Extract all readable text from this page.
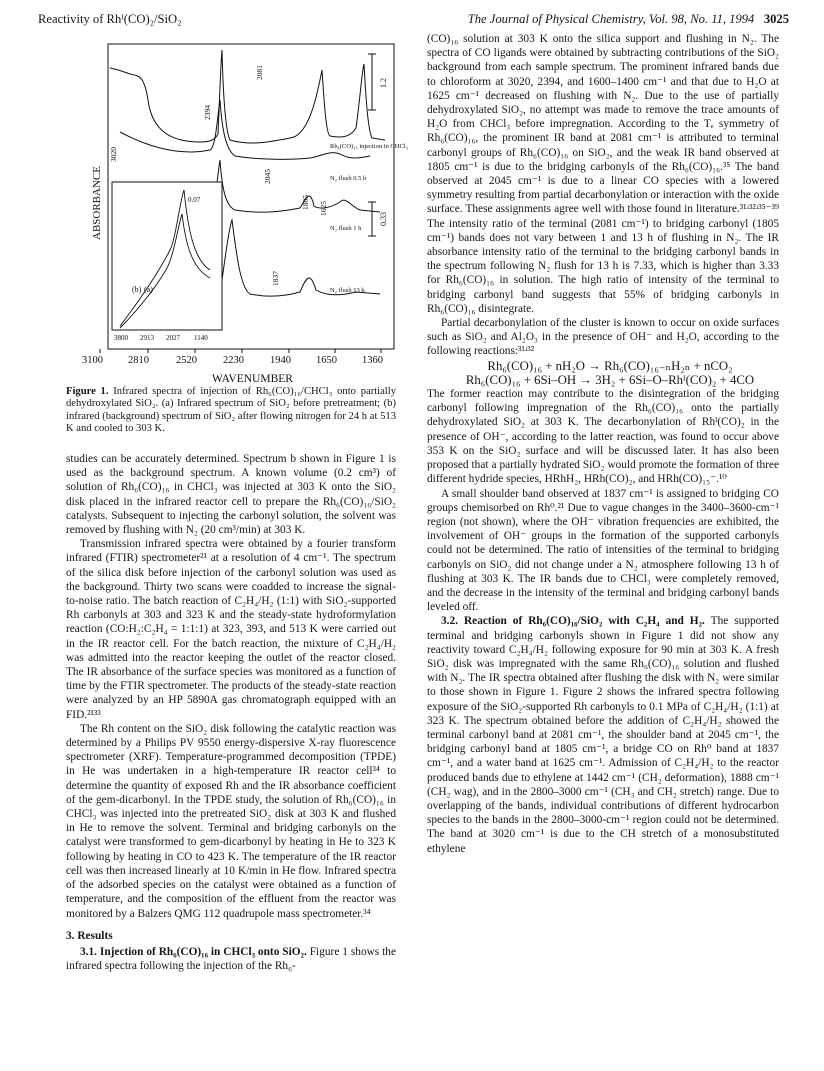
Reactivity of Rhᴵ(CO)₂/SiO₂	The Journal of Physical Chemistry, Vol. 98, No. 11, 1994 3025
ABSORBANCE
3100 2810	2520 2230 1940 1650 1360
WAVENUMBER
(b) (a)
0.07
3800 2913 2027 1140
3020
2394
2081
2045
1805 1625
1837
1.2
0.33
Rh₆(CO)₁₆ injection in CHCl₃
N₂ flush 0.5 h
N₂ flush 1 h
N₂ flush 13 h
Figure 1. Infrared spectra of injection of Rh₆(CO)₁₆/CHCl₃ onto partially dehydroxylated SiO₂. (a) Infrared spectrum of SiO₂ before pretreatment; (b) infrared (background) spectrum of SiO₂ after flowing nitrogen for 24 h at 513 K and cooled to 303 K.

studies can be accurately determined. Spectrum b shown in Figure 1 is used as the background spectrum. A known volume (0.2 cm³) of solution of Rh₆(CO)₁₆ in CHCl₃ was injected at 303 K onto the SiO₂ disk placed in the infrared reactor cell to prepare the Rh₆(CO)₁₆/SiO₂ catalysts. Subsequent to injecting the carbonyl solution, the solvent was removed by flushing with N₂ (20 cm³/min) at 303 K.

Transmission infrared spectra were obtained by a fourier transform infrared (FTIR) spectrometer²¹ at a resolution of 4 cm⁻¹. The spectrum of the silica disk before injection of the carbonyl solution was used as the background. Thirty two scans were coadded to increase the signal-to-noise ratio. The batch reaction of C₂H₄/H₂ (1:1) with SiO₂-supported Rh carbonyls at 303 and 323 K and the steady-state hydroformylation reaction (CO:H₂:C₂H₄ = 1:1:1) at 323, 393, and 513 K were carried out in the IR reactor cell. For the batch reaction, the mixture of C₂H₄/H₂ was admitted into the reactor keeping the outlet of the reactor closed. The IR absorbance of the surface species was monitored as a function of time by the FTIR spectrometer. The products of the steady-state reaction were analyzed by an HP 5890A gas chromatograph equipped with an FID.²¹³³

The Rh content on the SiO₂ disk following the catalytic reaction was determined by a Philips PV 9550 energy-dispersive X-ray fluorescence spectrometer (XRF). Temperature-programmed decomposition (TPDE) in He was undertaken in a high-temperature IR reactor cell³⁴ to determine the quantity of exposed Rh and the IR absorbance coefficient of the gem-dicarbonyl. In the TPDE study, the solution of Rh₆(CO)₁₆ in CHCl₃ was injected into the pretreated SiO₂ disk at 303 K and flushed in He to remove the solvent. Terminal and bridging carbonyls on the catalyst were transformed to gem-dicarbonyl by heating in He to 323 K following by heating in CO to 423 K. The temperature of the IR reactor cell was then increased linearly at 10 K/min in He flow. Infrared spectra of the adsorbed species on the catalyst were obtained as a function of temperature, and the composition of the effluent from the reactor was monitored by a Balzers QMG 112 quadrupole mass spectrometer.³⁴

3. Results

3.1. Injection of Rh₆(CO)₁₆ in CHCl₃ onto SiO₂. Figure 1 shows the infrared spectra following the injection of the Rh₆-

(CO)₁₆ solution at 303 K onto the silica support and flushing in N₂. The spectra of CO ligands were obtained by subtracting contributions of the SiO₂ background from each sample spectrum. The prominent infrared bands due to chloroform at 3020, 2394, and 1600–1400 cm⁻¹ and that due to H₂O at 1625 cm⁻¹ decreased on flushing with N₂. Due to the use of partially dehydroxylated SiO₂, no attempt was made to remove the trace amounts of H₂O from CHCl₃ before impregnation. According to the Tₑ symmetry of Rh₆(CO)₁₆, the prominent IR band at 2081 cm⁻¹ is attributed to terminal carbonyl groups of Rh₆(CO)₁₆ on SiO₂, and the weak IR band observed at 1805 cm⁻¹ is due to the bridging carbonyls of the Rh₆(CO)₁₆.³⁵ The band observed at 2045 cm⁻¹ is due to a linear CO species with a lowered symmetry resulting from partial decarbonylation or interaction with the oxide surface. These assignments agree well with those found in literature.³¹ʴ³²ʴ³⁵⁻³⁹ The intensity ratio of the terminal (2081 cm⁻¹) to bridging carbonyl (1805 cm⁻¹) bands does not vary between 1 and 13 h of flushing in N₂. The IR absorbance intensity ratio of the terminal to the bridging carbonyl bands in the spectrum following N₂ flush for 13 h is 7.33, which is higher than 3.33 for Rh₆(CO)₁₆ in solution. The high ratio of intensity of the terminal to bridging carbonyl band suggests that 55% of bridging carbonyls in Rh₆(CO)₁₆ disintegrate.

Partial decarbonylation of the cluster is known to occur on oxide surfaces such as SiO₂ and Al₂O₃ in the presence of OH⁻ and H₂O, according to the following reactions:³¹ʴ³²

Rh₆(CO)₁₆ + nH₂O → Rh₆(CO)₁₆₋ₙH₂ₙ + nCO₂

Rh₆(CO)₁₆ + 6Si–OH → 3H₂ + 6Si–O–Rhᴵ(CO)₂ + 4CO

The former reaction may contribute to the disintegration of the bridging carbonyl following impregnation of the Rh₆(CO)₁₆ onto the partially dehydroxylated SiO₂ at 303 K. The decarbonylation of Rhᴵ(CO)₂ in the presence of OH⁻, according to the latter reaction, was found to occur above 353 K on the SiO₂ surface and will be discussed later. It has also been proposed that a partially hydrated SiO₂ would promote the formation of three different hydride species, HRhH₂, HRh(CO)₂, and HRh(CO)₁₅⁻.¹⁰

A small shoulder band observed at 1837 cm⁻¹ is assigned to bridging CO groups chemisorbed on Rh⁰.²¹ Due to vague changes in the 3400–3600-cm⁻¹ region (not shown), where the OH⁻ vibration frequencies are exhibited, the involvement of OH⁻ groups in the formation of the supported carbonyls could not be determined. The ratio of intensities of the terminal to bridging carbonyls on SiO₂ did not change under a N₂ atmosphere following 13 h of flushing at 303 K. The IR bands due to CHCl₃ were completely removed, and the decrease in the intensity of the terminal and bridging carbonyl bands leveled off.

3.2. Reaction of Rh₆(CO)₁₆/SiO₂ with C₂H₄ and H₂. The supported terminal and bridging carbonyls shown in Figure 1 did not show any reactivity toward C₂H₄/H₂ following exposure for 90 min at 303 K. A fresh SiO₂ disk was impregnated with the same Rh₆(CO)₁₆ solution and flushed with N₂. The IR spectra obtained after flushing the disk with N₂ were similar to those shown in Figure 1. Figure 2 shows the infrared spectra following exposure of the SiO₂-supported Rh carbonyls to 0.1 MPa of C₂H₄/H₂ (1:1) at 323 K. The spectrum obtained before the addition of C₂H₄/H₂ showed the terminal carbonyl band at 2081 cm⁻¹, the shoulder band at 2045 cm⁻¹, the bridging carbonyl band at 1805 cm⁻¹, a bridge CO on Rh⁰ band at 1837 cm⁻¹, and a water band at 1625 cm⁻¹. Admission of C₂H₄/H₂ to the reactor produced bands due to ethylene at 1442 cm⁻¹ (CH₂ deformation), 1888 cm⁻¹ (CH₂ wag), and in the 2800–3000 cm⁻¹ (CH₃ and CH₂ stretch) range. Due to overlapping of the bands, individual contributions of different hydrocarbon species to the bands in the 2800–3000-cm⁻¹ region could not be determined. The band at 3020 cm⁻¹ is due to the CH stretch of a monosubstituted ethylene
